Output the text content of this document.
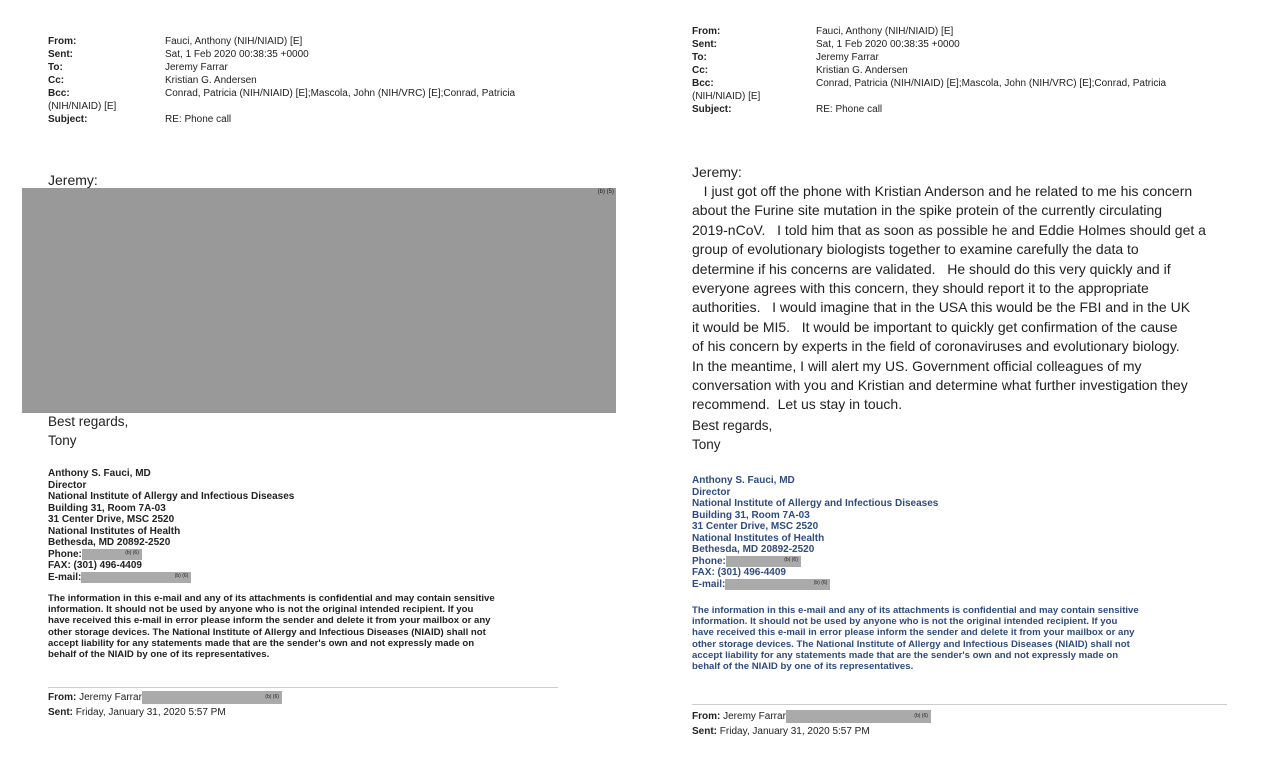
From:	Fauci, Anthony (NIH/NIAID) [E]
Sent:	Sat, 1 Feb 2020 00:38:35 +0000
To:	Jeremy Farrar
Cc:	Kristian G. Andersen
Bcc:	Conrad, Patricia (NIH/NIAID) [E];Mascola, John (NIH/VRC) [E];Conrad, Patricia
(NIH/NIAID) [E]
Subject:	RE: Phone call
Jeremy:
(b) (5)
Best regards,
Tony
Anthony S. Fauci, MD
Director
National Institute of Allergy and Infectious Diseases
Building 31, Room 7A-03
31 Center Drive, MSC 2520
National Institutes of Health
Bethesda, MD 20892-2520
Phone:	(b) (6)
FAX: (301) 496-4409
E-mail:	(b) (6)
The information in this e-mail and any of its attachments is confidential and may contain sensitive
information. It should not be used by anyone who is not the original intended recipient. If you
have received this e-mail in error please inform the sender and delete it from your mailbox or any
other storage devices. The National Institute of Allergy and Infectious Diseases (NIAID) shall not
accept liability for any statements made that are the sender's own and not expressly made on
behalf of the NIAID by one of its representatives.
From: Jeremy Farrar	(b) (6)
Sent: Friday, January 31, 2020 5:57 PM
From:	Fauci, Anthony (NIH/NIAID) [E]
Sent:	Sat, 1 Feb 2020 00:38:35 +0000
To:	Jeremy Farrar
Cc:	Kristian G. Andersen
Bcc:	Conrad, Patricia (NIH/NIAID) [E];Mascola, John (NIH/VRC) [E];Conrad, Patricia
(NIH/NIAID) [E]
Subject:	RE: Phone call
Jeremy:
I just got off the phone with Kristian Anderson and he related to me his concern
about the Furine site mutation in the spike protein of the currently circulating
2019-nCoV.   I told him that as soon as possible he and Eddie Holmes should get a
group of evolutionary biologists together to examine carefully the data to
determine if his concerns are validated.   He should do this very quickly and if
everyone agrees with this concern, they should report it to the appropriate
authorities.   I would imagine that in the USA this would be the FBI and in the UK
it would be MI5.   It would be important to quickly get confirmation of the cause
of his concern by experts in the field of coronaviruses and evolutionary biology.
In the meantime, I will alert my US. Government official colleagues of my
conversation with you and Kristian and determine what further investigation they
recommend.  Let us stay in touch.
Best regards,
Tony
Anthony S. Fauci, MD
Director
National Institute of Allergy and Infectious Diseases
Building 31, Room 7A-03
31 Center Drive, MSC 2520
National Institutes of Health
Bethesda, MD 20892-2520
Phone:	(b) (6)
FAX: (301) 496-4409
E-mail:	(b) (6)
The information in this e-mail and any of its attachments is confidential and may contain sensitive
information. It should not be used by anyone who is not the original intended recipient. If you
have received this e-mail in error please inform the sender and delete it from your mailbox or any
other storage devices. The National Institute of Allergy and Infectious Diseases (NIAID) shall not
accept liability for any statements made that are the sender's own and not expressly made on
behalf of the NIAID by one of its representatives.
From: Jeremy Farrar	(b) (6)
Sent: Friday, January 31, 2020 5:57 PM
